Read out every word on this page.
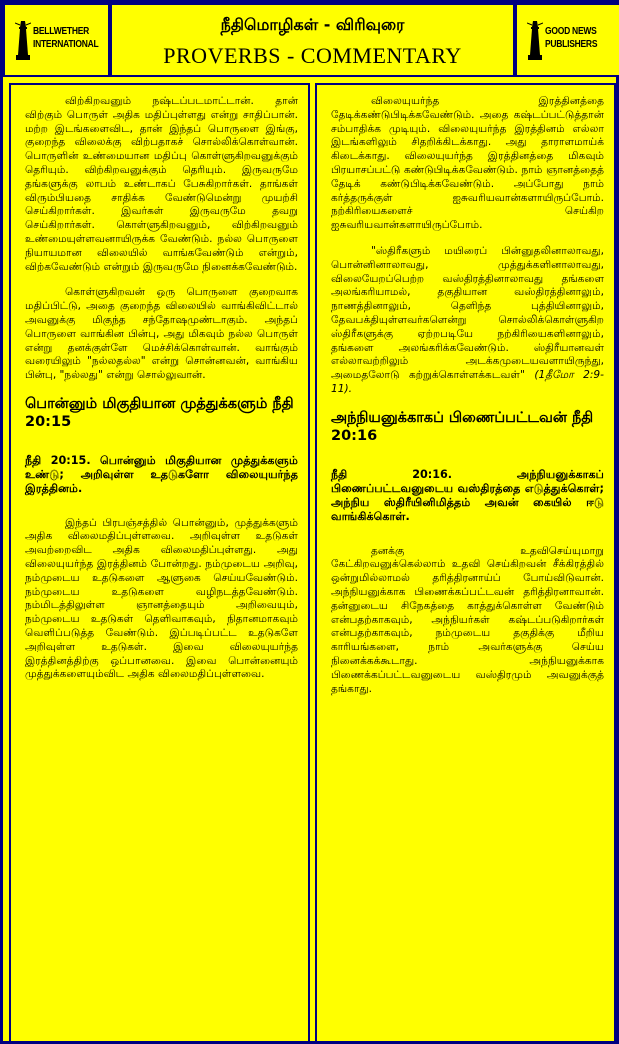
BELLWETHER INTERNATIONAL
நீதிமொழிகள் - விரிவுரை
PROVERBS - COMMENTARY
GOOD NEWS PUBLISHERS

விற்கிறவனும் நஷ்டப்படமாட்டான். தான் விற்கும் பொருள் அதிக மதிப்புள்ளது என்று சாதிப்பான். மற்ற இடங்களைவிட, தான் இந்தப் பொருளை இங்கு, குறைந்த விலைக்கு விற்பதாகச் சொல்லிக்கொள்வான். பொருளின் உண்மையான மதிப்பு கொள்ளுகிறவனுக்கும் தெரியும். விற்கிறவனுக்கும் தெரியும். இருவருமே தங்களுக்கு லாபம் உண்டாகப் பேசுகிறார்கள். தாங்கள் விரும்பியதை சாதிக்க வேண்டுமென்று முயற்சி செய்கிறார்கள். இவர்கள் இருவருமே தவறு செய்கிறார்கள். கொள்ளுகிறவனும், விற்கிறவனும் உண்மையுள்ளவனாயிருக்க வேண்டும். நல்ல பொருளை நியாயமான விலையில் வாங்கவேண்டும் என்றும், விற்கவேண்டும் என்றும் இருவருமே நினைக்கவேண்டும்.

கொள்ளுகிறவன் ஒரு பொருளை குறைவாக மதிப்பிட்டு, அதை குறைந்த விலையில் வாங்கிவிட்டால் அவனுக்கு மிகுந்த சந்தோஷமுண்டாகும். அந்தப் பொருளை வாங்கின பின்பு, அது மிகவும் நல்ல பொருள் என்று தனக்குள்ளே மெச்சிக்கொள்வான். வாங்கும் வரையிலும் "நல்லதல்ல" என்று சொன்னவன், வாங்கிய பின்பு, "நல்லது" என்று சொல்லுவான்.

பொன்னும் மிகுதியான முத்துக்களும் நீதி 20:15

நீதி 20:15. பொன்னும் மிகுதியான முத்துக்களும் உண்டு; அறிவுள்ள உதடுகளோ விலையுயர்ந்த இரத்தினம்.

இந்தப் பிரபஞ்சத்தில் பொன்னும், முத்துக்களும் அதிக விலைமதிப்புள்ளவை. அறிவுள்ள உதடுகள் அவற்றைவிட அதிக விலைமதிப்புள்ளது. அது விலையுயர்ந்த இரத்தினம் போன்றது. நம்முடைய அறிவு, நம்முடைய உதடுகளை ஆளுகை செய்யவேண்டும். நம்முடைய உதடுகளை வழிநடத்தவேண்டும். நம்மிடத்திலுள்ள ஞானத்தையும் அறிவையும், நம்முடைய உதடுகள் தெளிவாகவும், நிதானமாகவும் வெளிப்படுத்த வேண்டும். இப்படிப்பட்ட உதடுகளே அறிவுள்ள உதடுகள். இவை விலையுயர்ந்த இரத்தினத்திற்கு ஒப்பானவை. இவை பொன்னையும் முத்துக்களையும்விட அதிக விலைமதிப்புள்ளவை.

விலையுயர்ந்த இரத்தினத்தை தேடிக்கண்டுபிடிக்கவேண்டும். அதை கஷ்டப்பட்டுத்தான் சம்பாதிக்க முடியும். விலையுயர்ந்த இரத்தினம் எல்லா இடங்களிலும் சிதறிக்கிடக்காது. அது தாராளமாய்க் கிடைக்காது. விலையுயர்ந்த இரத்தினத்தை மிகவும் பிரயாசப்பட்டு கண்டுபிடிக்கவேண்டும். நாம் ஞானத்தைத் தேடிக் கண்டுபிடிக்கவேண்டும். அப்போது நாம் கர்த்தருக்குள் ஐசுவரியவான்களாயிருப்போம். நற்கிரியைகளைச் செய்கிற ஐசுவரியவான்களாயிருப்போம்.

"ஸ்திரீகளும் மயிரைப் பின்னுதலினாலாவது, பொன்னினாலாவது, முத்துக்களினாலாவது, விலையேறப்பெற்ற வஸ்திரத்தினாலாவது தங்களை அலங்கரியாமல், தகுதியான வஸ்திரத்தினாலும், நாணத்தினாலும், தெளிந்த புத்தியினாலும், தேவபக்தியுள்ளவர்களென்று சொல்லிக்கொள்ளுகிற ஸ்திரீகளுக்கு ஏற்றபடியே நற்கிரியைகளினாலும், தங்களை அலங்கரிக்கவேண்டும். ஸ்திரீயானவள் எல்லாவற்றிலும் அடக்கமுடையவளாயிருந்து, அமைதலோடு கற்றுக்கொள்ளக்கடவள்" (1தீமோ 2:9-11).

அந்நியனுக்காகப் பிணைப்பட்டவன் நீதி 20:16

நீதி 20:16. அந்நியனுக்காகப் பிணைப்பட்டவனுடைய வஸ்திரத்தை எடுத்துக்கொள்; அந்நிய ஸ்திரீயினிமித்தம் அவன் கையில் ஈடு வாங்கிக்கொள்.

தனக்கு உதவிசெய்யுமாறு கேட்கிறவனுக்கெல்லாம் உதவி செய்கிறவன் சீக்கிரத்தில் ஒன்றுமில்லாமல் தரித்திரனாய்ப் போய்விடுவான். அந்நியனுக்காக பிணைக்கப்பட்டவன் தரித்திரனாவான். தன்னுடைய சிநேகத்தை காத்துக்கொள்ள வேண்டும் என்பதற்காகவும், அந்நியர்கள் கஷ்டப்படுகிறார்கள் என்பதற்காகவும், நம்முடைய தகுதிக்கு மீறிய காரியங்களை, நாம் அவர்களுக்கு செய்ய நினைக்கக்கூடாது. அந்நியனுக்காக பிணைக்கப்பட்டவனுடைய வஸ்திரமும் அவனுக்குத் தங்காது.
